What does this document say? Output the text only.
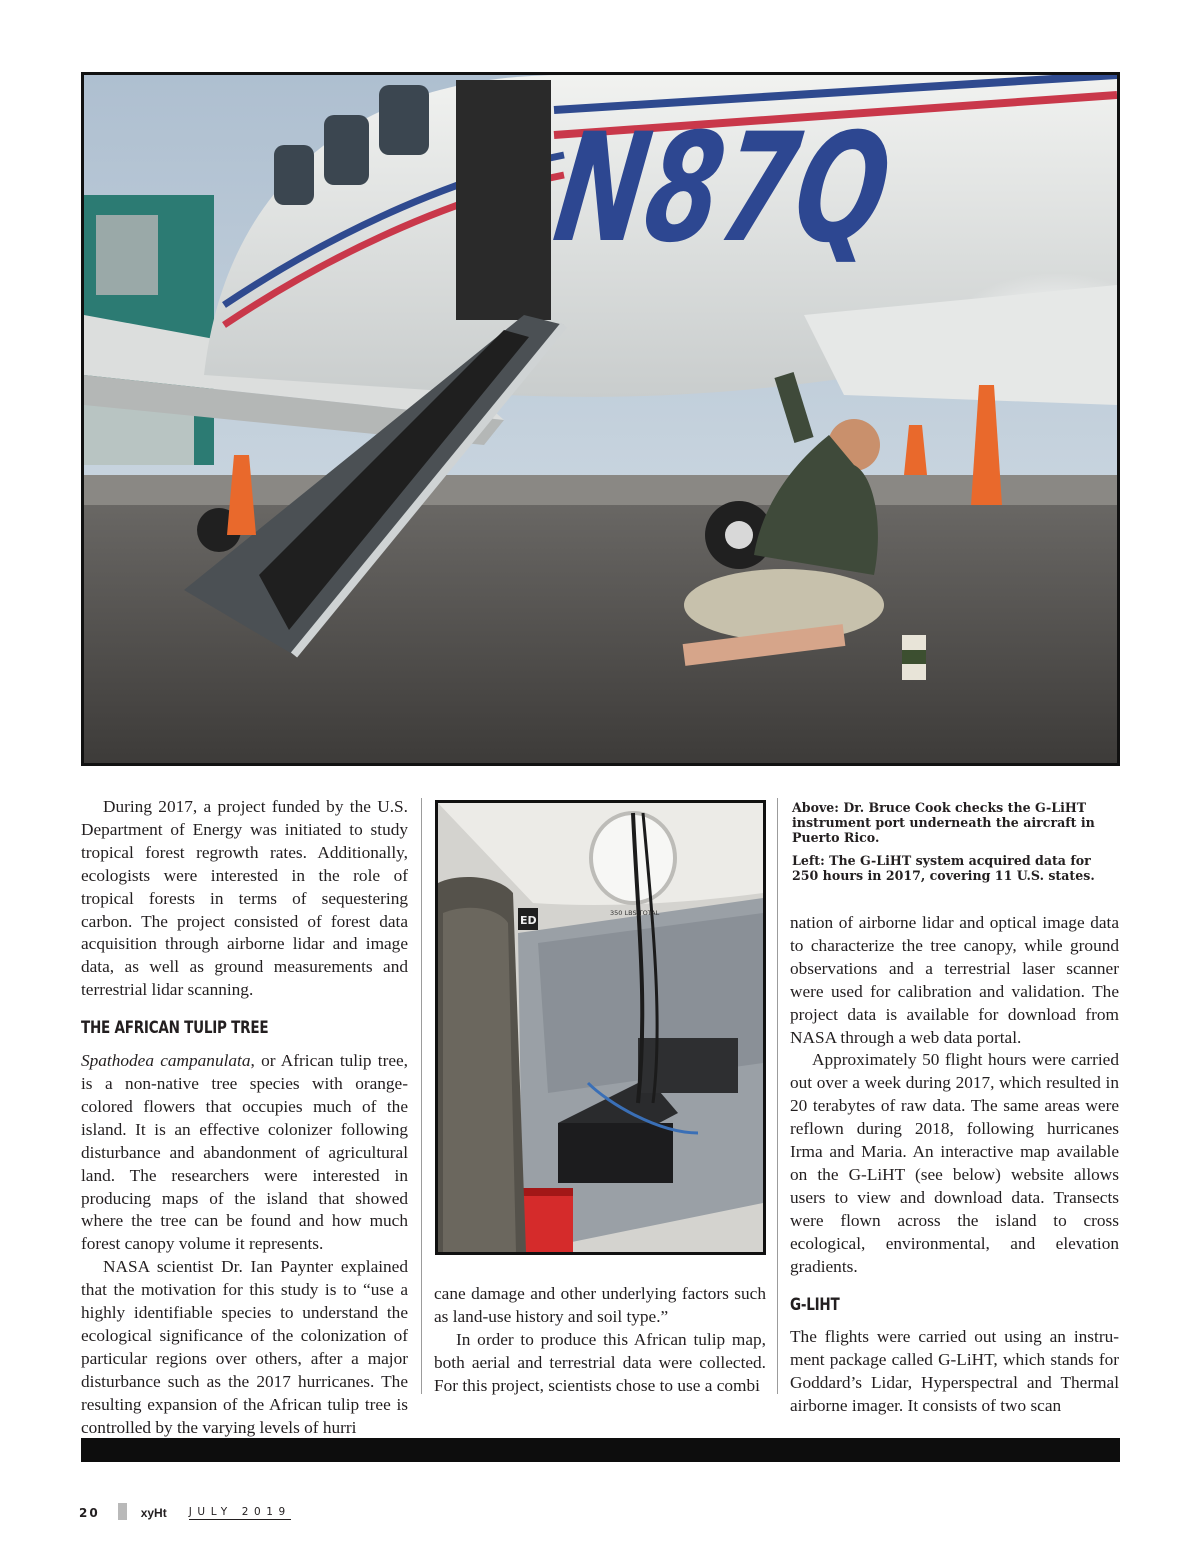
N87Q

During 2017, a project funded by the U.S. Department of Energy was initiated to study tropical forest regrowth rates. Additionally, ecologists were interested in the role of tropical forests in terms of sequestering carbon. The project consisted of forest data acquisition through airborne lidar and image data, as well as ground measurements and terrestrial lidar scanning.

THE AFRICAN TULIP TREE

Spathodea campanulata, or African tulip tree, is a non-native tree species with orange-colored flowers that occupies much of the island. It is an effective colonizer following disturbance and abandonment of agricultural land. The researchers were interested in producing maps of the island that showed where the tree can be found and how much forest canopy volume it represents.

NASA scientist Dr. Ian Paynter explained that the motivation for this study is to “use a highly identifiable species to understand the ecological significance of the colonization of particular regions over others, after a major disturbance such as the 2017 hurricanes. The resulting expansion of the African tulip tree is controlled by the varying levels of hurri

350 LBS TOTAL
ED

cane damage and other underlying factors such as land-use history and soil type.”

In order to produce this African tulip map, both aerial and terrestrial data were collected. For this project, scientists chose to use a combi

Above: Dr. Bruce Cook checks the G-LiHT instrument port underneath the aircraft in Puerto Rico.

Left: The G-LiHT system acquired data for 250 hours in 2017, covering 11 U.S. states.

nation of airborne lidar and optical image data to characterize the tree canopy, while ground observations and a terrestrial laser scanner were used for calibration and validation. The project data is available for download from NASA through a web data portal.

Approximately 50 flight hours were carried out over a week during 2017, which resulted in 20 terabytes of raw data. The same areas were reflown during 2018, following hurricanes Irma and Maria. An interactive map available on the G-LiHT (see below) website allows users to view and download data. Transects were flown across the island to cross ecological, environmental, and elevation gradients.

G-LIHT

The flights were carried out using an instrument package called G-LiHT, which stands for Goddard’s Lidar, Hyperspectral and Thermal airborne imager. It consists of two scan

20	xyHt JULY 2019
